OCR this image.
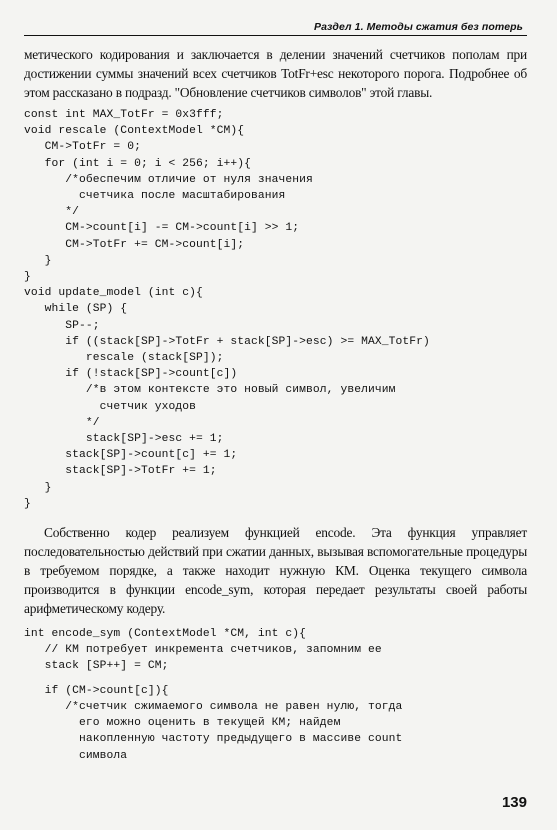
Раздел 1. Методы сжатия без потерь

метического кодирования и заключается в делении значений счетчиков пополам при достижении суммы значений всех счетчиков TotFr+esc некоторого порога. Подробнее об этом рассказано в подразд. "Обновление счетчиков символов" этой главы.

const int MAX_TotFr = 0x3fff;
void rescale (ContextModel *CM){
CM->TotFr = 0;
for (int i = 0; i < 256; i++){
/*обеспечим отличие от нуля значения
счетчика после масштабирования
*/
CM->count[i] -= CM->count[i] >> 1;
CM->TotFr += CM->count[i];
}
}
void update_model (int c){
while (SP) {
SP--;
if ((stack[SP]->TotFr + stack[SP]->esc) >= MAX_TotFr)
rescale (stack[SP]);
if (!stack[SP]->count[c])
/*в этом контексте это новый символ, увеличим
счетчик уходов
*/
stack[SP]->esc += 1;
stack[SP]->count[c] += 1;
stack[SP]->TotFr += 1;
}
}

Собственно кодер реализуем функцией encode. Эта функция управляет последовательностью действий при сжатии данных, вызывая вспомогательные процедуры в требуемом порядке, а также находит нужную КМ. Оценка текущего символа производится в функции encode_sym, которая передает результаты своей работы арифметическому кодеру.

int encode_sym (ContextModel *CM, int c){
// КМ потребует инкремента счетчиков, запомним ее
stack [SP++] = CM;
if (CM->count[c]){
/*счетчик сжимаемого символа не равен нулю, тогда
его можно оценить в текущей КМ; найдем
накопленную частоту предыдущего в массиве count
символа
139
